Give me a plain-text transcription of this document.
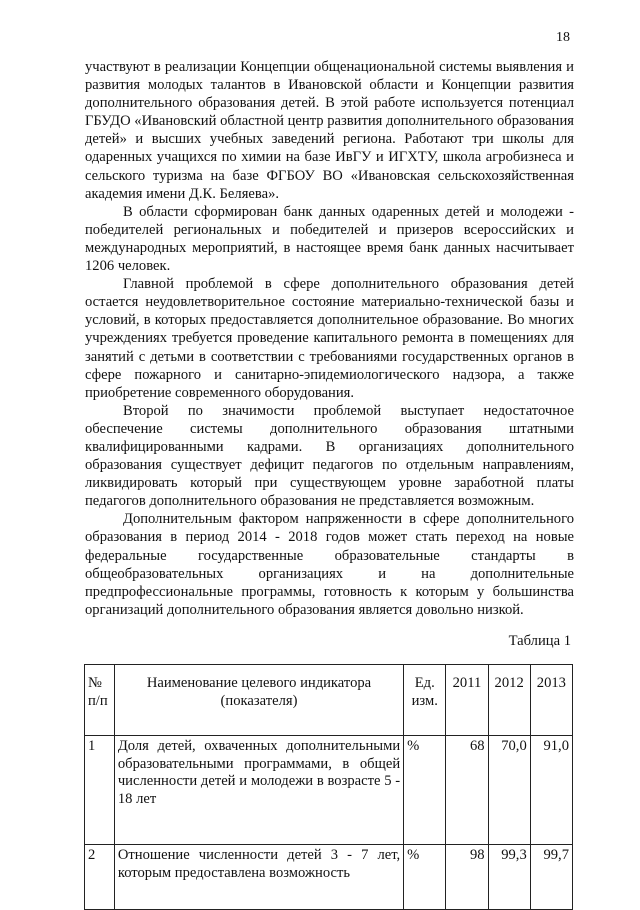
18

участвуют в реализации Концепции общенациональной системы выявления и развития молодых талантов в Ивановской области и Концепции развития дополнительного образования детей. В этой работе используется потенциал ГБУДО «Ивановский областной центр развития дополнительного образования детей» и высших учебных заведений региона. Работают три школы для одаренных учащихся по химии на базе ИвГУ и ИГХТУ, школа агробизнеса и сельского туризма на базе ФГБОУ ВО «Ивановская сельскохозяйственная академия имени Д.К. Беляева».

В области сформирован банк данных одаренных детей и молодежи - победителей региональных и победителей и призеров всероссийских и международных мероприятий, в настоящее время банк данных насчитывает 1206 человек.

Главной проблемой в сфере дополнительного образования детей остается неудовлетворительное состояние материально-технической базы и условий, в которых предоставляется дополнительное образование. Во многих учреждениях требуется проведение капитального ремонта в помещениях для занятий с детьми в соответствии с требованиями государственных органов в сфере пожарного и санитарно-эпидемиологического надзора, а также приобретение современного оборудования.

Второй по значимости проблемой выступает недостаточное обеспечение системы дополнительного образования штатными квалифицированными кадрами. В организациях дополнительного образования существует дефицит педагогов по отдельным направлениям, ликвидировать который при существующем уровне заработной платы педагогов дополнительного образования не представляется возможным.

Дополнительным фактором напряженности в сфере дополнительного образования в период 2014 - 2018 годов может стать переход на новые федеральные государственные образовательные стандарты в общеобразовательных организациях и на дополнительные предпрофессиональные программы, готовность к которым у большинства организаций дополнительного образования является довольно низкой.

Таблица 1
№ п/п	Наименование целевого индикатора (показателя)	Ед. изм.	2011	2012	2013
1	Доля детей, охваченных дополнительными образовательными программами, в общей численности детей и молодежи в возрасте 5 - 18 лет	%	68	70,0	91,0
2	Отношение численности детей 3 - 7 лет, которым предоставлена возможность	%	98	99,3	99,7
